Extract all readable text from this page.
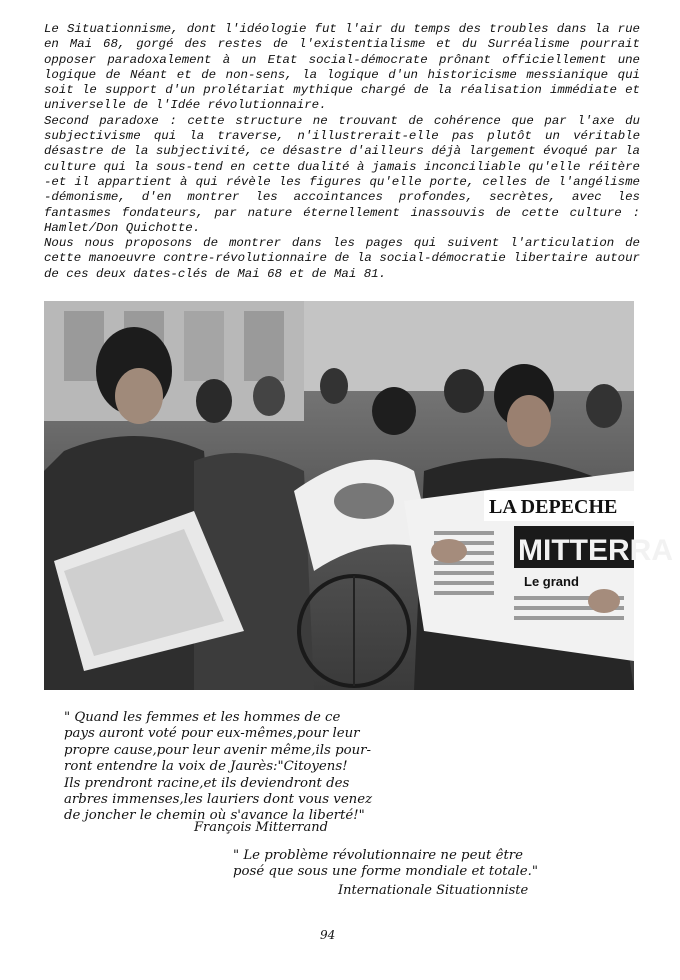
Le Situationnisme, dont l'idéologie fut l'air du temps des troubles dans la rue en Mai 68, gorgé des restes de l'existentialisme et du Surréalisme pourrait opposer paradoxalement à un Etat social-démocrate prônant officiellement une logique de Néant et de non-sens, la logique d'un historicisme messianique qui soit le support d'un prolétariat mythique chargé de la réalisation immédiate et universelle de l'Idée révolutionnaire.

Second paradoxe : cette structure ne trouvant de cohérence que par l'axe du subjectivisme qui la traverse, n'illustrerait-elle pas plutôt un véritable désastre de la subjectivité, ce désastre d'ailleurs déjà largement évoqué par la culture qui la sous-tend en cette dualité à jamais inconciliable qu'elle réitère -et il appartient à qui révèle les figures qu'elle porte, celles de l'angélisme -démonisme, d'en montrer les accointances profondes, secrètes, avec les fantasmes fondateurs, par nature éternellement inassouvis de cette culture : Hamlet/Don Quichotte.

Nous nous proposons de montrer dans les pages qui suivent l'articulation de cette manoeuvre contre-révolutionnaire de la social-démocratie libertaire autour de ces deux dates-clés de Mai 68 et de Mai 81.

LA DEPECHE
MITTERRA
Le grand
" Quand les femmes et les hommes de ce
pays auront voté pour eux-mêmes,pour leur
propre cause,pour leur avenir même,ils pour-
ront entendre la voix de Jaurès:"Citoyens!
Ils prendront racine,et ils deviendront des
arbres immenses,les lauriers dont vous venez
de joncher le chemin où s'avance la liberté!"
François Mitterrand
" Le problème révolutionnaire ne peut être
posé que sous une forme mondiale et totale."
Internationale Situationniste
94
